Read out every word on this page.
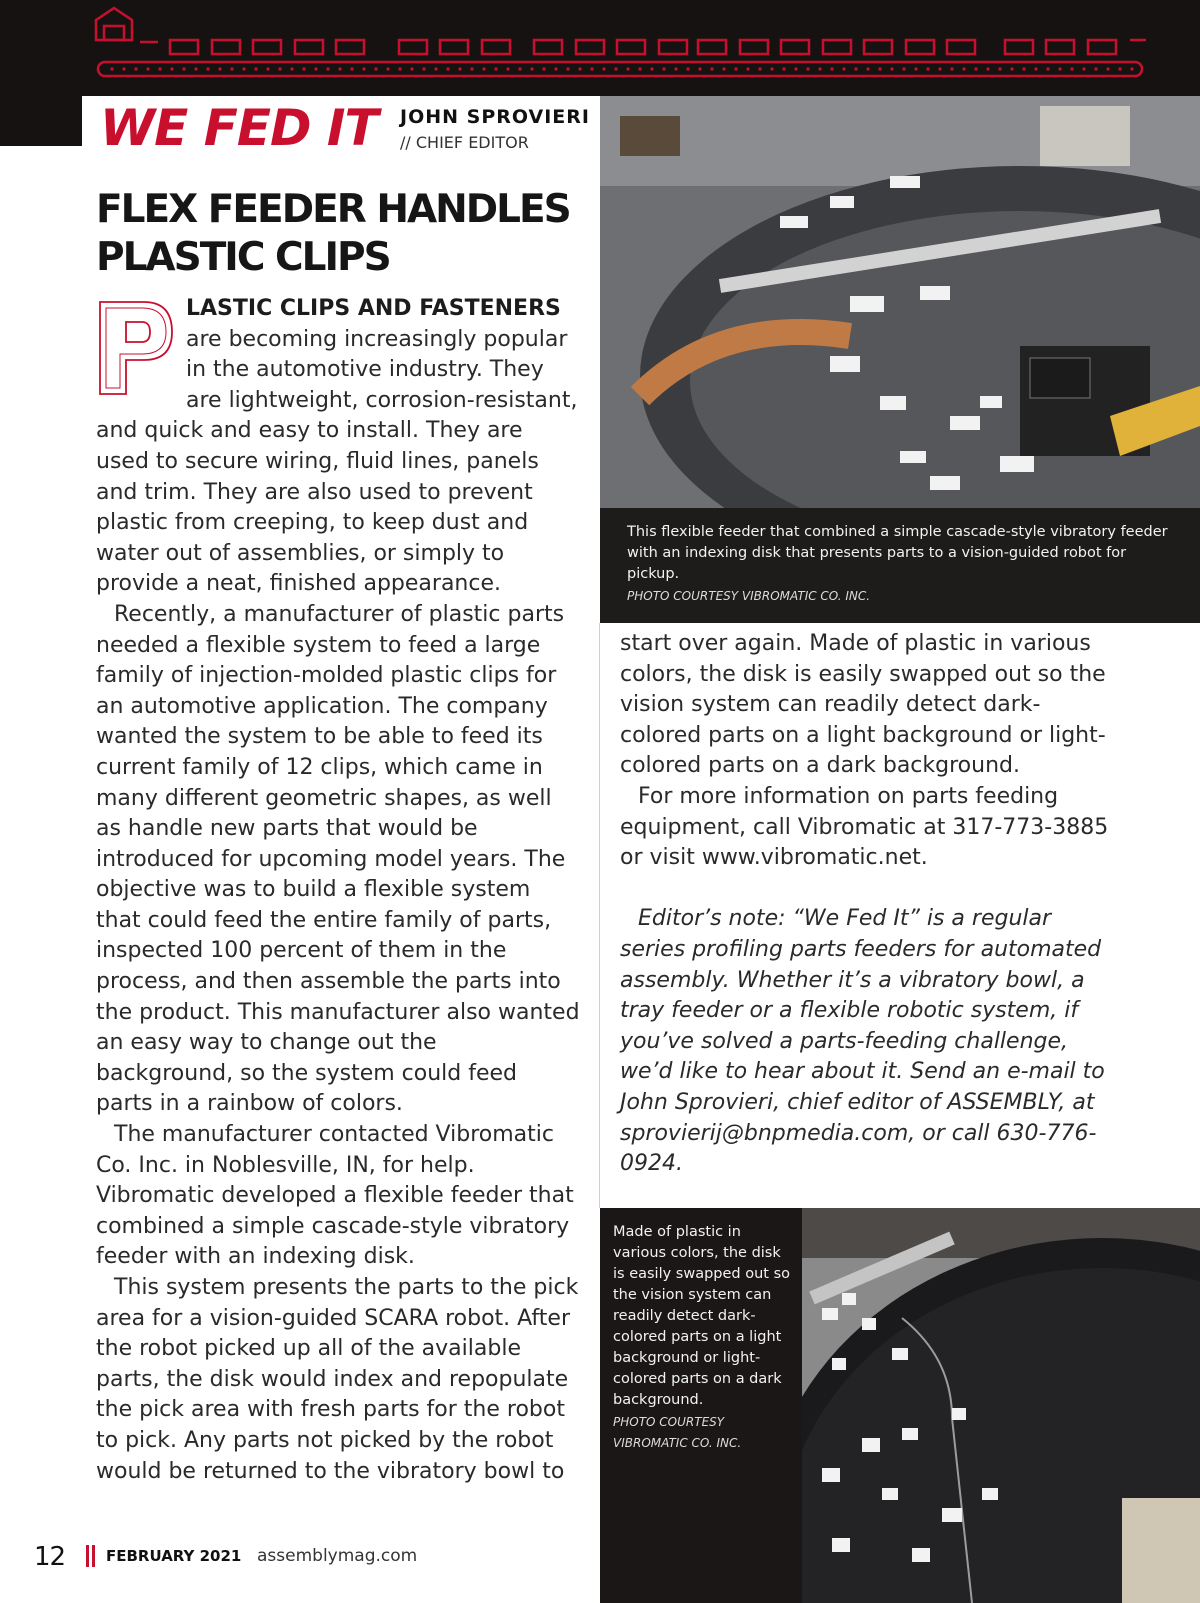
WE FED IT JOHN SPROVIERI
// CHIEF EDITOR
FLEX FEEDER HANDLES PLASTIC CLIPS

LASTIC CLIPS AND FASTENERS are becoming increasingly popular in the automotive industry. They are lightweight, corrosion-resistant, and quick and easy to install. They are used to secure wiring, fluid lines, panels and trim. They are also used to prevent plastic from creeping, to keep dust and water out of assemblies, or simply to provide a neat, finished appearance.

Recently, a manufacturer of plastic parts needed a flexible system to feed a large family of injection-molded plastic clips for an automotive application. The company wanted the system to be able to feed its current family of 12 clips, which came in many different geometric shapes, as well as handle new parts that would be introduced for upcoming model years. The objective was to build a flexible system that could feed the entire family of parts, inspected 100 percent of them in the process, and then assemble the parts into the product. This manufacturer also wanted an easy way to change out the background, so the system could feed parts in a rainbow of colors.

The manufacturer contacted Vibromatic Co. Inc. in Noblesville, IN, for help. Vibromatic developed a flexible feeder that combined a simple cascade-style vibratory feeder with an indexing disk.

This system presents the parts to the pick area for a vision-guided SCARA robot. After the robot picked up all of the available parts, the disk would index and repopulate the pick area with fresh parts for the robot to pick. Any parts not picked by the robot would be returned to the vibratory bowl to

This flexible feeder that combined a simple cascade-style vibratory feeder with an indexing disk that presents parts to a vision-guided robot for pickup.
PHOTO COURTESY VIBROMATIC CO. INC.

start over again. Made of plastic in various colors, the disk is easily swapped out so the vision system can readily detect dark-colored parts on a light background or light-colored parts on a dark background.

For more information on parts feeding equipment, call Vibromatic at 317-773-3885 or visit www.vibromatic.net.

Editor’s note: “We Fed It” is a regular series profiling parts feeders for automated assembly. Whether it’s a vibratory bowl, a tray feeder or a flexible robotic system, if you’ve solved a parts-feeding challenge, we’d like to hear about it. Send an e-mail to John Sprovieri, chief editor of ASSEMBLY, at sprovierij@bnpmedia.com, or call 630-776-0924.

Made of plastic in various colors, the disk is easily swapped out so the vision system can readily detect dark-colored parts on a light background or light-colored parts on a dark background.
PHOTO COURTESY VIBROMATIC CO. INC.
12	FEBRUARY 2021 assemblymag.com
